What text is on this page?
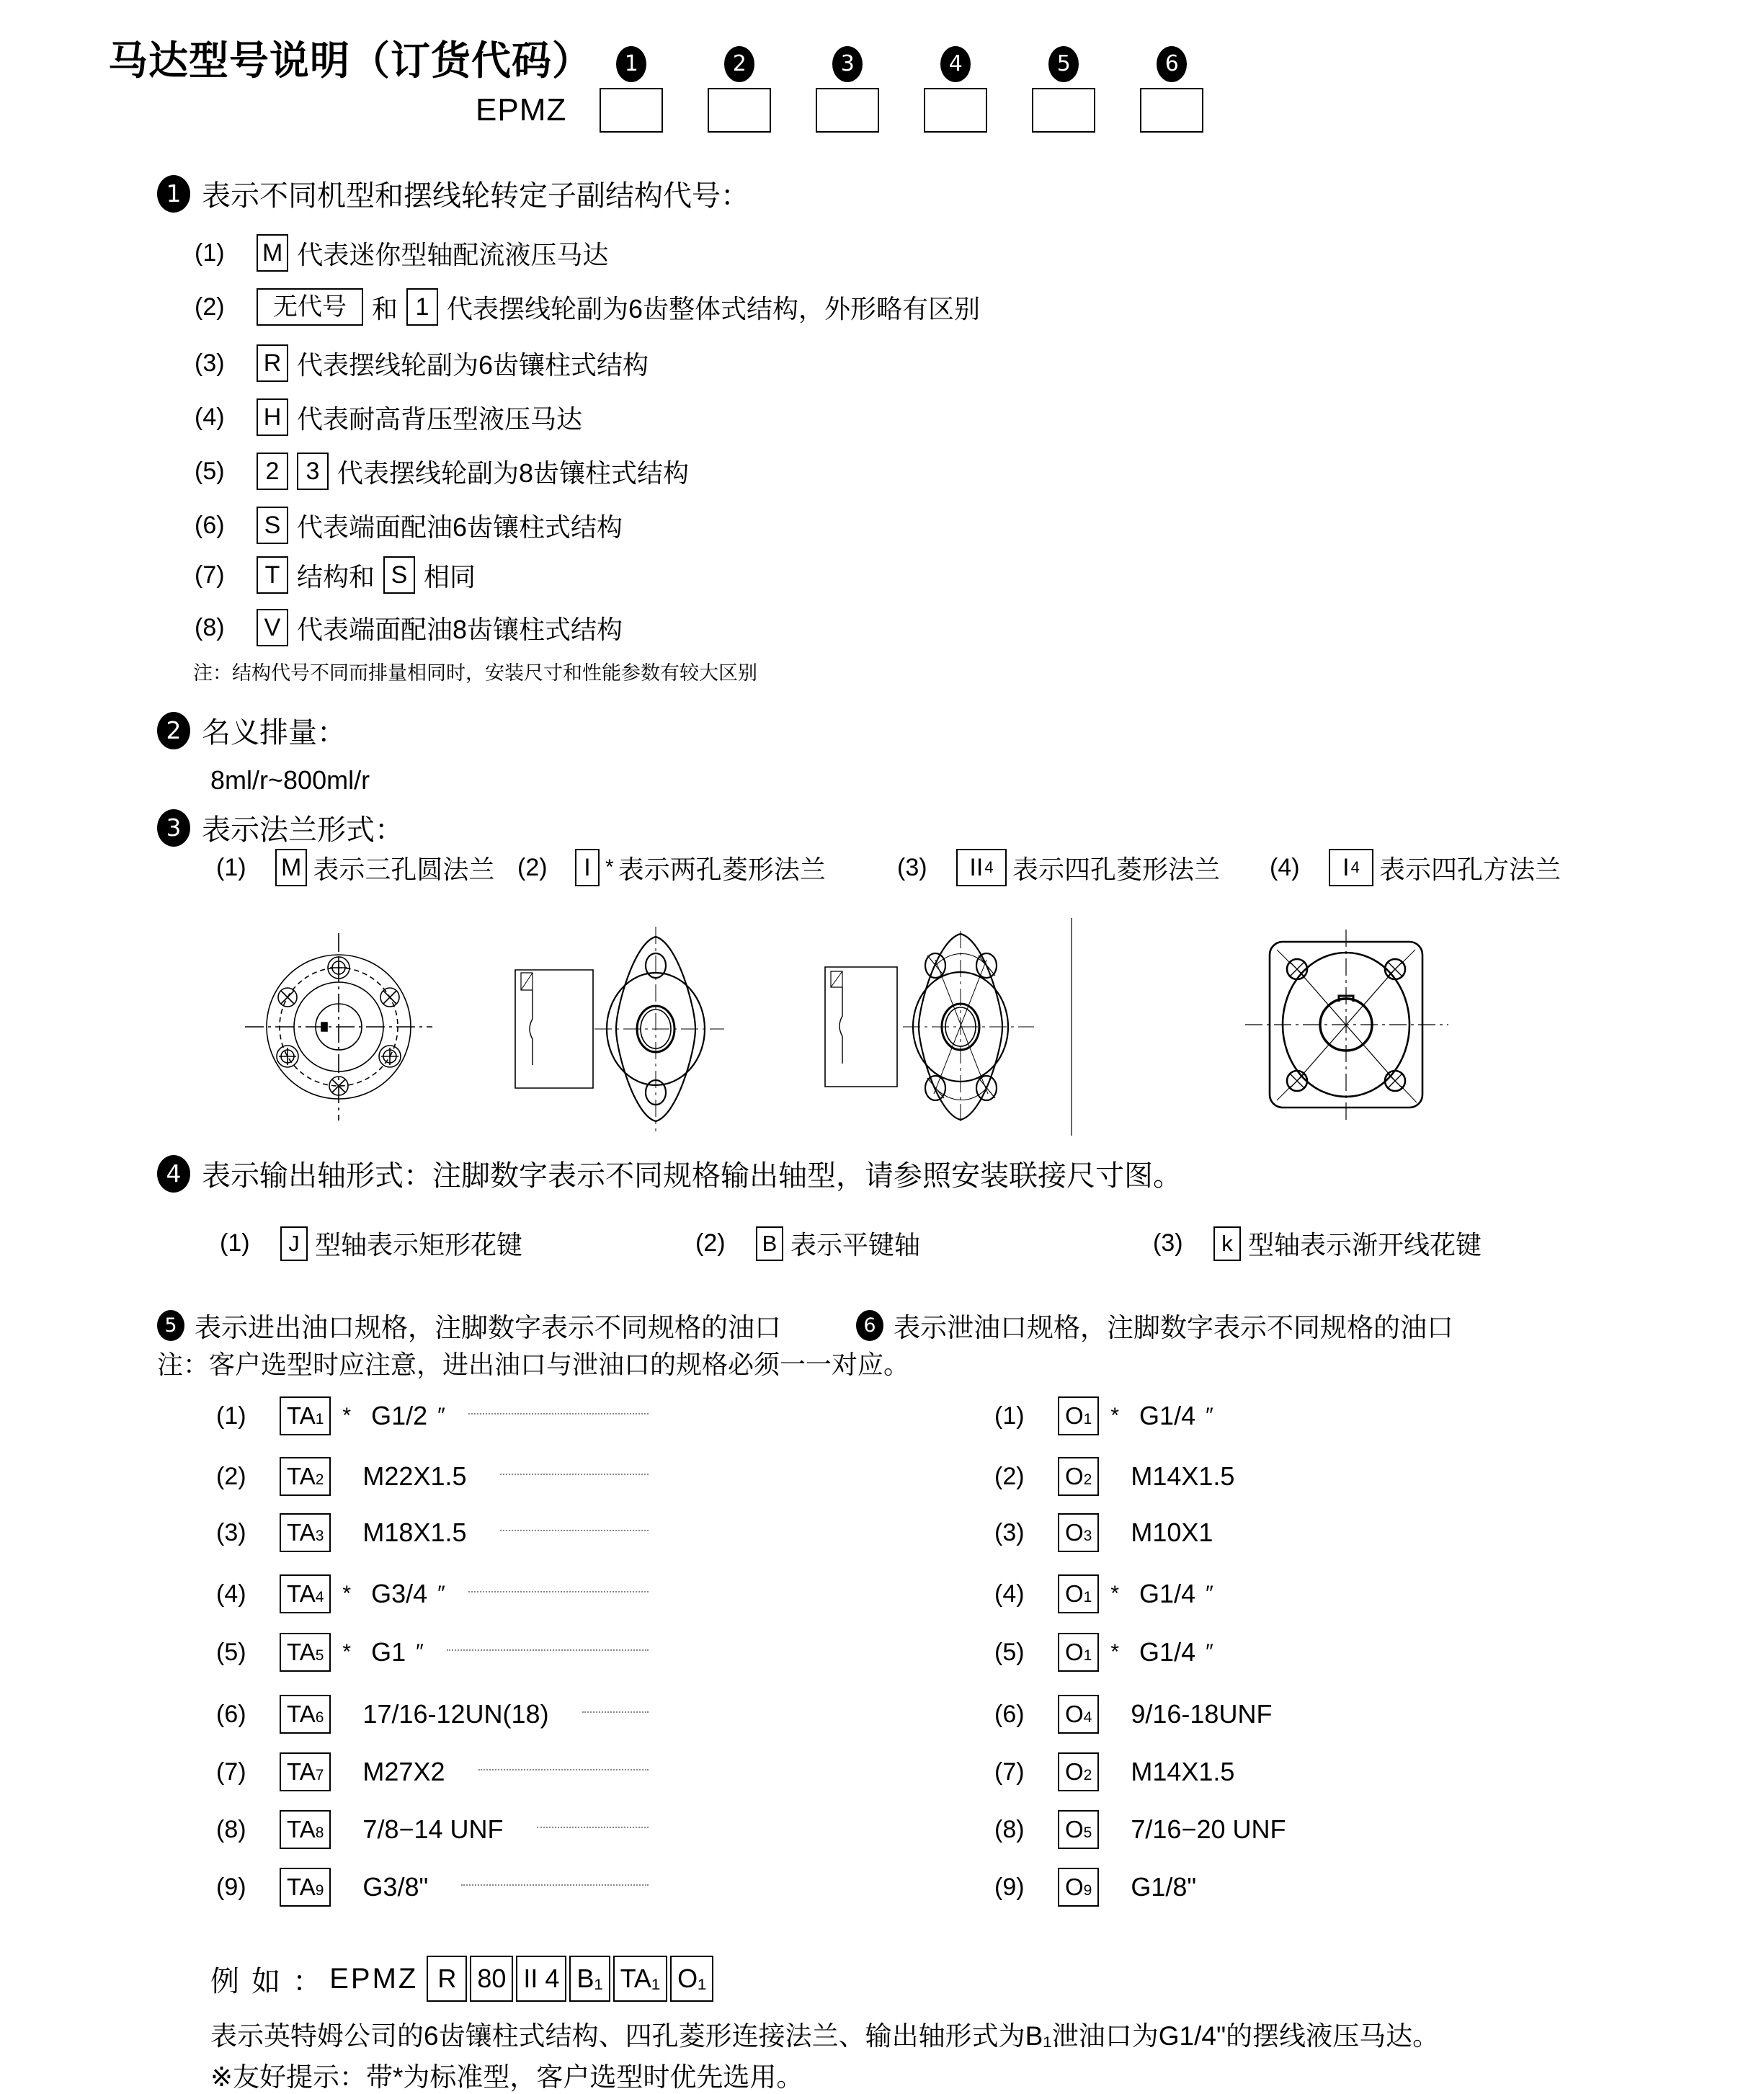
马达型号说明（订货代码）
EPMZ
1	2	3	4	5	6
1 表示不同机型和摆线轮转定子副结构代号：
(1)	M 代表迷你型轴配流液压马达
(2)	无代号 和 1 代表摆线轮副为6齿整体式结构，外形略有区别
(3)	R 代表摆线轮副为6齿镶柱式结构
(4)	H 代表耐高背压型液压马达
(5)	2	3 代表摆线轮副为8齿镶柱式结构
(6)	S 代表端面配油6齿镶柱式结构
(7)	T 结构和 S 相同
(8)	V 代表端面配油8齿镶柱式结构
注：结构代号不同而排量相同时，安装尺寸和性能参数有较大区别
2 名义排量：
8ml/r~800ml/r
3 表示法兰形式：
(1)	M 表示三孔圆法兰 (2)	I * 表示两孔菱形法兰	(3)	II 4 表示四孔菱形法兰 (4)	I 4 表示四孔方法兰
4 表示输出轴形式：注脚数字表示不同规格输出轴型，请参照安装联接尺寸图。
(1)	J 型轴表示矩形花键	(2)	B 表示平键轴	(3)	k 型轴表示渐开线花键
5 表示进出油口规格，注脚数字表示不同规格的油口	6 表示泄油口规格，注脚数字表示不同规格的油口
注：客户选型时应注意，进出油口与泄油口的规格必须一一对应。
(1)	TA 1 * G1/2 ″
(2)	TA 2 M22X1.5
(3)	TA 3 M18X1.5
(4)	TA 4 * G3/4 ″
(5)	TA 5 * G1 ″
(6)	TA 6 17/16-12UN(18)
(7)	TA 7 M27X2
(8)	TA 8 7/8−14 UNF
(9)	TA 9 G3/8"
(1)	O 1 * G1/4 ″
(2)	O 2 M14X1.5
(3)	O 3 M10X1
(4)	O 1 * G1/4 ″
(5)	O 1 * G1/4 ″
(6)	O 4 9/16-18UNF
(7)	O 2 M14X1.5
(8)	O 5 7/16−20 UNF
(9)	O 9 G1/8"
例 如 ： EPMZ R 80 II 4 B₁ TA₁ O₁
表示英特姆公司的6齿镶柱式结构、四孔菱形连接法兰、输出轴形式为B₁泄油口为G1/4"的摆线液压马达。
※友好提示：带*为标准型，客户选型时优先选用。
